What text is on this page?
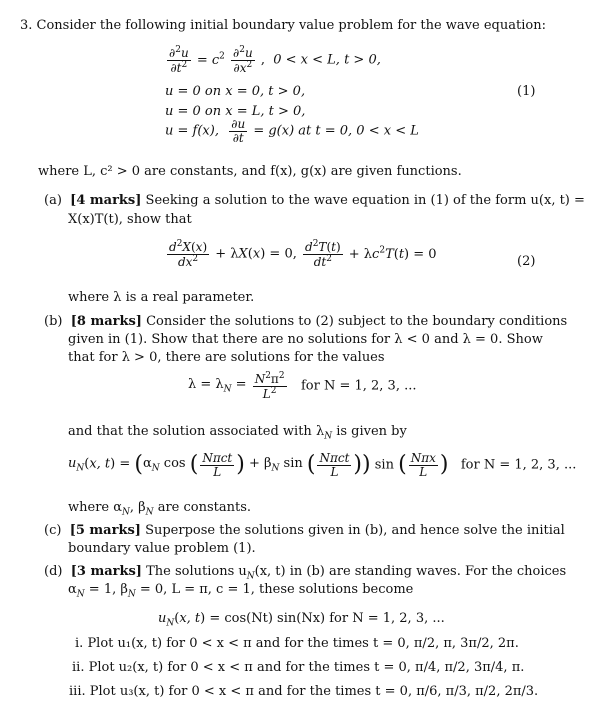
3. Consider the following initial boundary value problem for the wave equation:
$\frac{\partial^2u}{\partial t^2} = c^2 \frac{\partial^2u}{\partial x^2}$ ,  0 < x < L, t > 0,
u = 0 on x = 0, t > 0,	(1)
u = 0 on x = L, t > 0,
u = f(x), $\frac{\partial u}{\partial t} = g(x)$ at t = 0, 0 < x < L
where L, c² > 0 are constants, and f(x), g(x) are given functions.
(a) [4 marks] Seeking a solution to the wave equation in (1) of the form u(x, t) =
X(x)T(t), show that
$\frac{d^2X(x)}{dx^2} + \lambda X(x) = 0$, $\frac{d^2T(t)}{dt^2} + \lambda c^2T(t) = 0$	(2)
where λ is a real parameter.
(b) [8 marks] Consider the solutions to (2) subject to the boundary conditions
given in (1). Show that there are no solutions for λ < 0 and λ = 0. Show
that for λ > 0, there are solutions for the values
$\lambda = \lambda_N = \frac{N^2\pi^2}{L^2}$ for N = 1, 2, 3, ...
and that the solution associated with $\lambda_N$ is given by
$u_N(x$, $t) = (\alpha_N$ cos ( $\frac{\text{Nπct}}{L}$ ) + $\beta_N$ sin ( $\frac{\text{Nπct}}{L}$ )) sin ( $\frac{\text{Nπx}}{L}$ ) for N = 1, 2, 3, ...
where $\alpha_N$, $\beta_N$ are constants.
(c) [5 marks] Superpose the solutions given in (b), and hence solve the initial
boundary value problem (1).
(d) [3 marks] The solutions $u_N(x$, t) in (b) are standing waves. For the choices
$\alpha_N = 1$, $\beta_N = 0$, L = π, c = 1, these solutions become
$u_N(x$, t) = cos(Nt) sin(Nx) for N = 1, 2, 3, ...
i. Plot u₁(x, t) for 0 < x < π and for the times t = 0, π/2, π, 3π/2, 2π.
ii. Plot u₂(x, t) for 0 < x < π and for the times t = 0, π/4, π/2, 3π/4, π.
iii. Plot u₃(x, t) for 0 < x < π and for the times t = 0, π/6, π/3, π/2, 2π/3.
